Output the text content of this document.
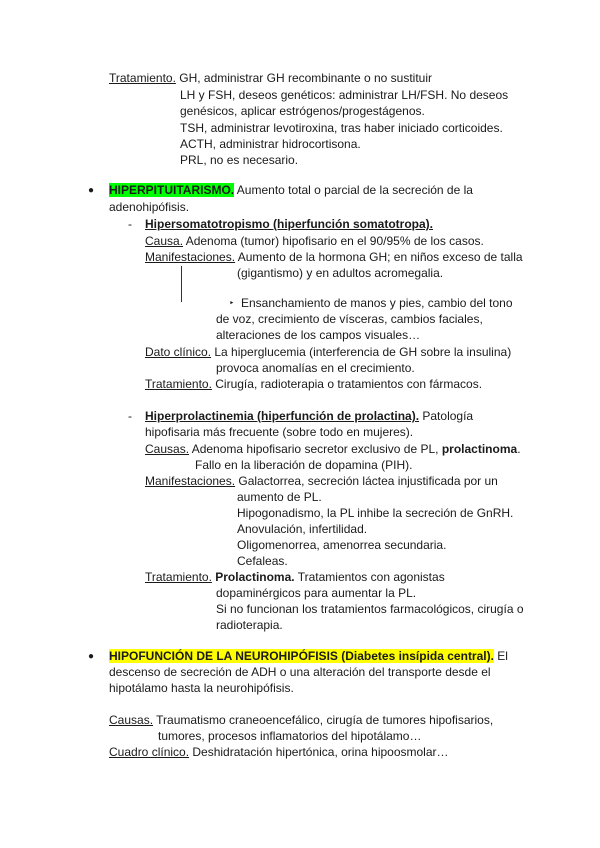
Tratamiento. GH, administrar GH recombinante o no sustituir
LH y FSH, deseos genéticos: administrar LH/FSH. No deseos
genésicos, aplicar estrógenos/progestágenos.
TSH, administrar levotiroxina, tras haber iniciado corticoides.
ACTH, administrar hidrocortisona.
PRL, no es necesario.
● HIPERPITUITARISMO. Aumento total o parcial de la secreción de la
adenohipófisis.
- Hipersomatotropismo (hiperfunción somatotropa).
Causa. Adenoma (tumor) hipofisario en el 90/95% de los casos.
Manifestaciones. Aumento de la hormona GH; en niños exceso de talla
(gigantismo) y en adultos acromegalia.
‣ Ensanchamiento de manos y pies, cambio del tono
de voz, crecimiento de vísceras, cambios faciales,
alteraciones de los campos visuales…
Dato clínico. La hiperglucemia (interferencia de GH sobre la insulina)
provoca anomalías en el crecimiento.
Tratamiento. Cirugía, radioterapia o tratamientos con fármacos.
- Hiperprolactinemia (hiperfunción de prolactina). Patología
hipofisaria más frecuente (sobre todo en mujeres).
Causas. Adenoma hipofisario secretor exclusivo de PL, prolactinoma.
Fallo en la liberación de dopamina (PIH).
Manifestaciones. Galactorrea, secreción láctea injustificada por un
aumento de PL.
Hipogonadismo, la PL inhibe la secreción de GnRH.
Anovulación, infertilidad.
Oligomenorrea, amenorrea secundaria.
Cefaleas.
Tratamiento. Prolactinoma. Tratamientos con agonistas
dopaminérgicos para aumentar la PL.
Si no funcionan los tratamientos farmacológicos, cirugía o
radioterapia.
● HIPOFUNCIÓN DE LA NEUROHIPÓFISIS (Diabetes insípida central). El
descenso de secreción de ADH o una alteración del transporte desde el
hipotálamo hasta la neurohipófisis.
Causas. Traumatismo craneoencefálico, cirugía de tumores hipofisarios,
tumores, procesos inflamatorios del hipotálamo…
Cuadro clínico. Deshidratación hipertónica, orina hipoosmolar…
